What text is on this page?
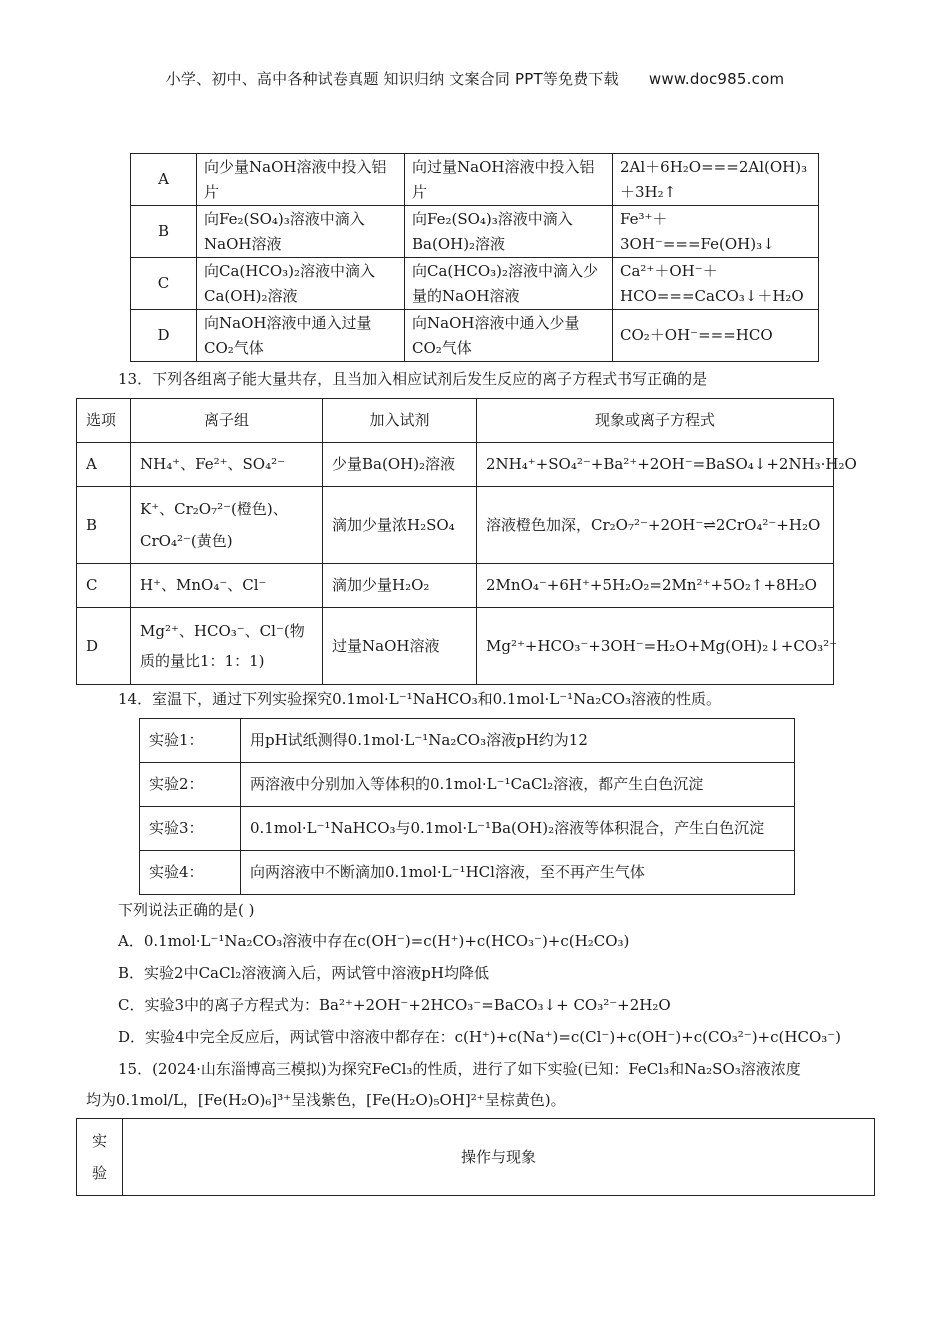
小学、初中、高中各种试卷真题 知识归纳 文案合同 PPT等免费下载 www.doc985.com
A	向少量NaOH溶液中投入铝片	向过量NaOH溶液中投入铝片	2Al＋6H₂O===2Al(OH)₃＋3H₂↑
B	向Fe₂(SO₄)₃溶液中滴入NaOH溶液	向Fe₂(SO₄)₃溶液中滴入Ba(OH)₂溶液	Fe³⁺＋3OH⁻===Fe(OH)₃↓
C	向Ca(HCO₃)₂溶液中滴入Ca(OH)₂溶液	向Ca(HCO₃)₂溶液中滴入少量的NaOH溶液	Ca²⁺＋OH⁻＋HCO===CaCO₃↓＋H₂O
D	向NaOH溶液中通入过量CO₂气体	向NaOH溶液中通入少量CO₂气体	CO₂＋OH⁻===HCO
13．下列各组离子能大量共存，且当加入相应试剂后发生反应的离子方程式书写正确的是
选项	离子组	加入试剂	现象或离子方程式
A	NH₄⁺、Fe²⁺、SO₄²⁻	少量Ba(OH)₂溶液	2NH₄⁺+SO₄²⁻+Ba²⁺+2OH⁻=BaSO₄↓+2NH₃·H₂O
B	K⁺、Cr₂O₇²⁻(橙色)、CrO₄²⁻(黄色)	滴加少量浓H₂SO₄	溶液橙色加深，Cr₂O₇²⁻+2OH⁻⇌2CrO₄²⁻+H₂O
C	H⁺、MnO₄⁻、Cl⁻	滴加少量H₂O₂	2MnO₄⁻+6H⁺+5H₂O₂=2Mn²⁺+5O₂↑+8H₂O
D	Mg²⁺、HCO₃⁻、Cl⁻(物质的量比1：1：1)	过量NaOH溶液	Mg²⁺+HCO₃⁻+3OH⁻=H₂O+Mg(OH)₂↓+CO₃²⁻
14．室温下，通过下列实验探究0.1mol·L⁻¹NaHCO₃和0.1mol·L⁻¹Na₂CO₃溶液的性质。
实验1：	用pH试纸测得0.1mol·L⁻¹Na₂CO₃溶液pH约为12
实验2：	两溶液中分别加入等体积的0.1mol·L⁻¹CaCl₂溶液，都产生白色沉淀
实验3：	0.1mol·L⁻¹NaHCO₃与0.1mol·L⁻¹Ba(OH)₂溶液等体积混合，产生白色沉淀
实验4：	向两溶液中不断滴加0.1mol·L⁻¹HCl溶液，至不再产生气体
下列说法正确的是( )
A．0.1mol·L⁻¹Na₂CO₃溶液中存在c(OH⁻)=c(H⁺)+c(HCO₃⁻)+c(H₂CO₃)
B．实验2中CaCl₂溶液滴入后，两试管中溶液pH均降低
C．实验3中的离子方程式为：Ba²⁺+2OH⁻+2HCO₃⁻=BaCO₃↓+ CO₃²⁻+2H₂O
D．实验4中完全反应后，两试管中溶液中都存在：c(H⁺)+c(Na⁺)=c(Cl⁻)+c(OH⁻)+c(CO₃²⁻)+c(HCO₃⁻)
15．(2024·山东淄博高三模拟)为探究FeCl₃的性质，进行了如下实验(已知：FeCl₃和Na₂SO₃溶液浓度
均为0.1mol/L，[Fe(H₂O)₆]³⁺呈浅紫色，[Fe(H₂O)₅OH]²⁺呈棕黄色)。
实验	操作与现象
